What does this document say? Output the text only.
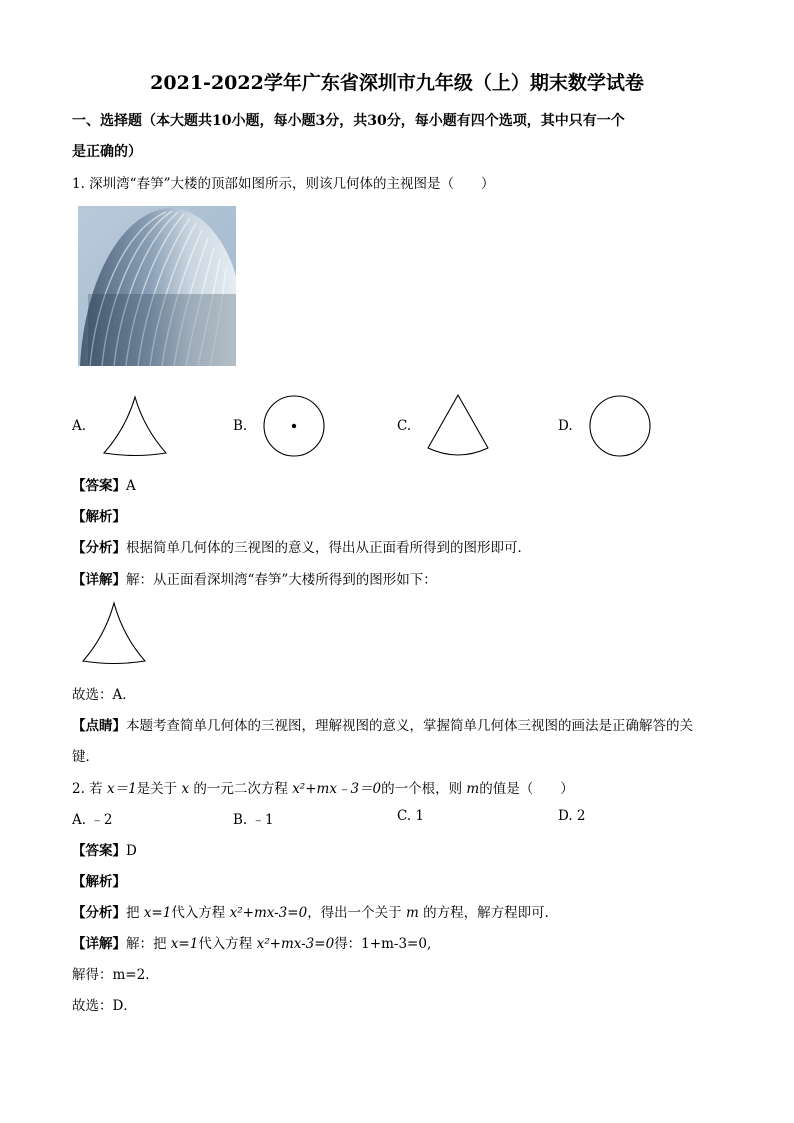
2021-2022学年广东省深圳市九年级（上）期末数学试卷
一、选择题（本大题共10小题，每小题3分，共30分，每小题有四个选项，其中只有一个
是正确的）
1. 深圳湾“春笋”大楼的顶部如图所示，则该几何体的主视图是（　　）
A.	B.	C.	D.
【答案】A
【解析】
【分析】根据简单几何体的三视图的意义，得出从正面看所得到的图形即可．
【详解】解：从正面看深圳湾“春笋”大楼所得到的图形如下：
故选：A．
【点睛】本题考查简单几何体的三视图，理解视图的意义，掌握简单几何体三视图的画法是正确解答的关
键．
2. 若 x＝1是关于 x 的一元二次方程 x²+mx﹣3＝0的一个根，则 m的值是（　　）
A. ﹣2	B. ﹣1	C. 1	D. 2
【答案】D
【解析】
【分析】把 x=1代入方程 x²+mx-3=0，得出一个关于 m 的方程，解方程即可．
【详解】解：把 x=1代入方程 x²+mx-3=0得：1+m-3=0,
解得：m=2．
故选：D．
